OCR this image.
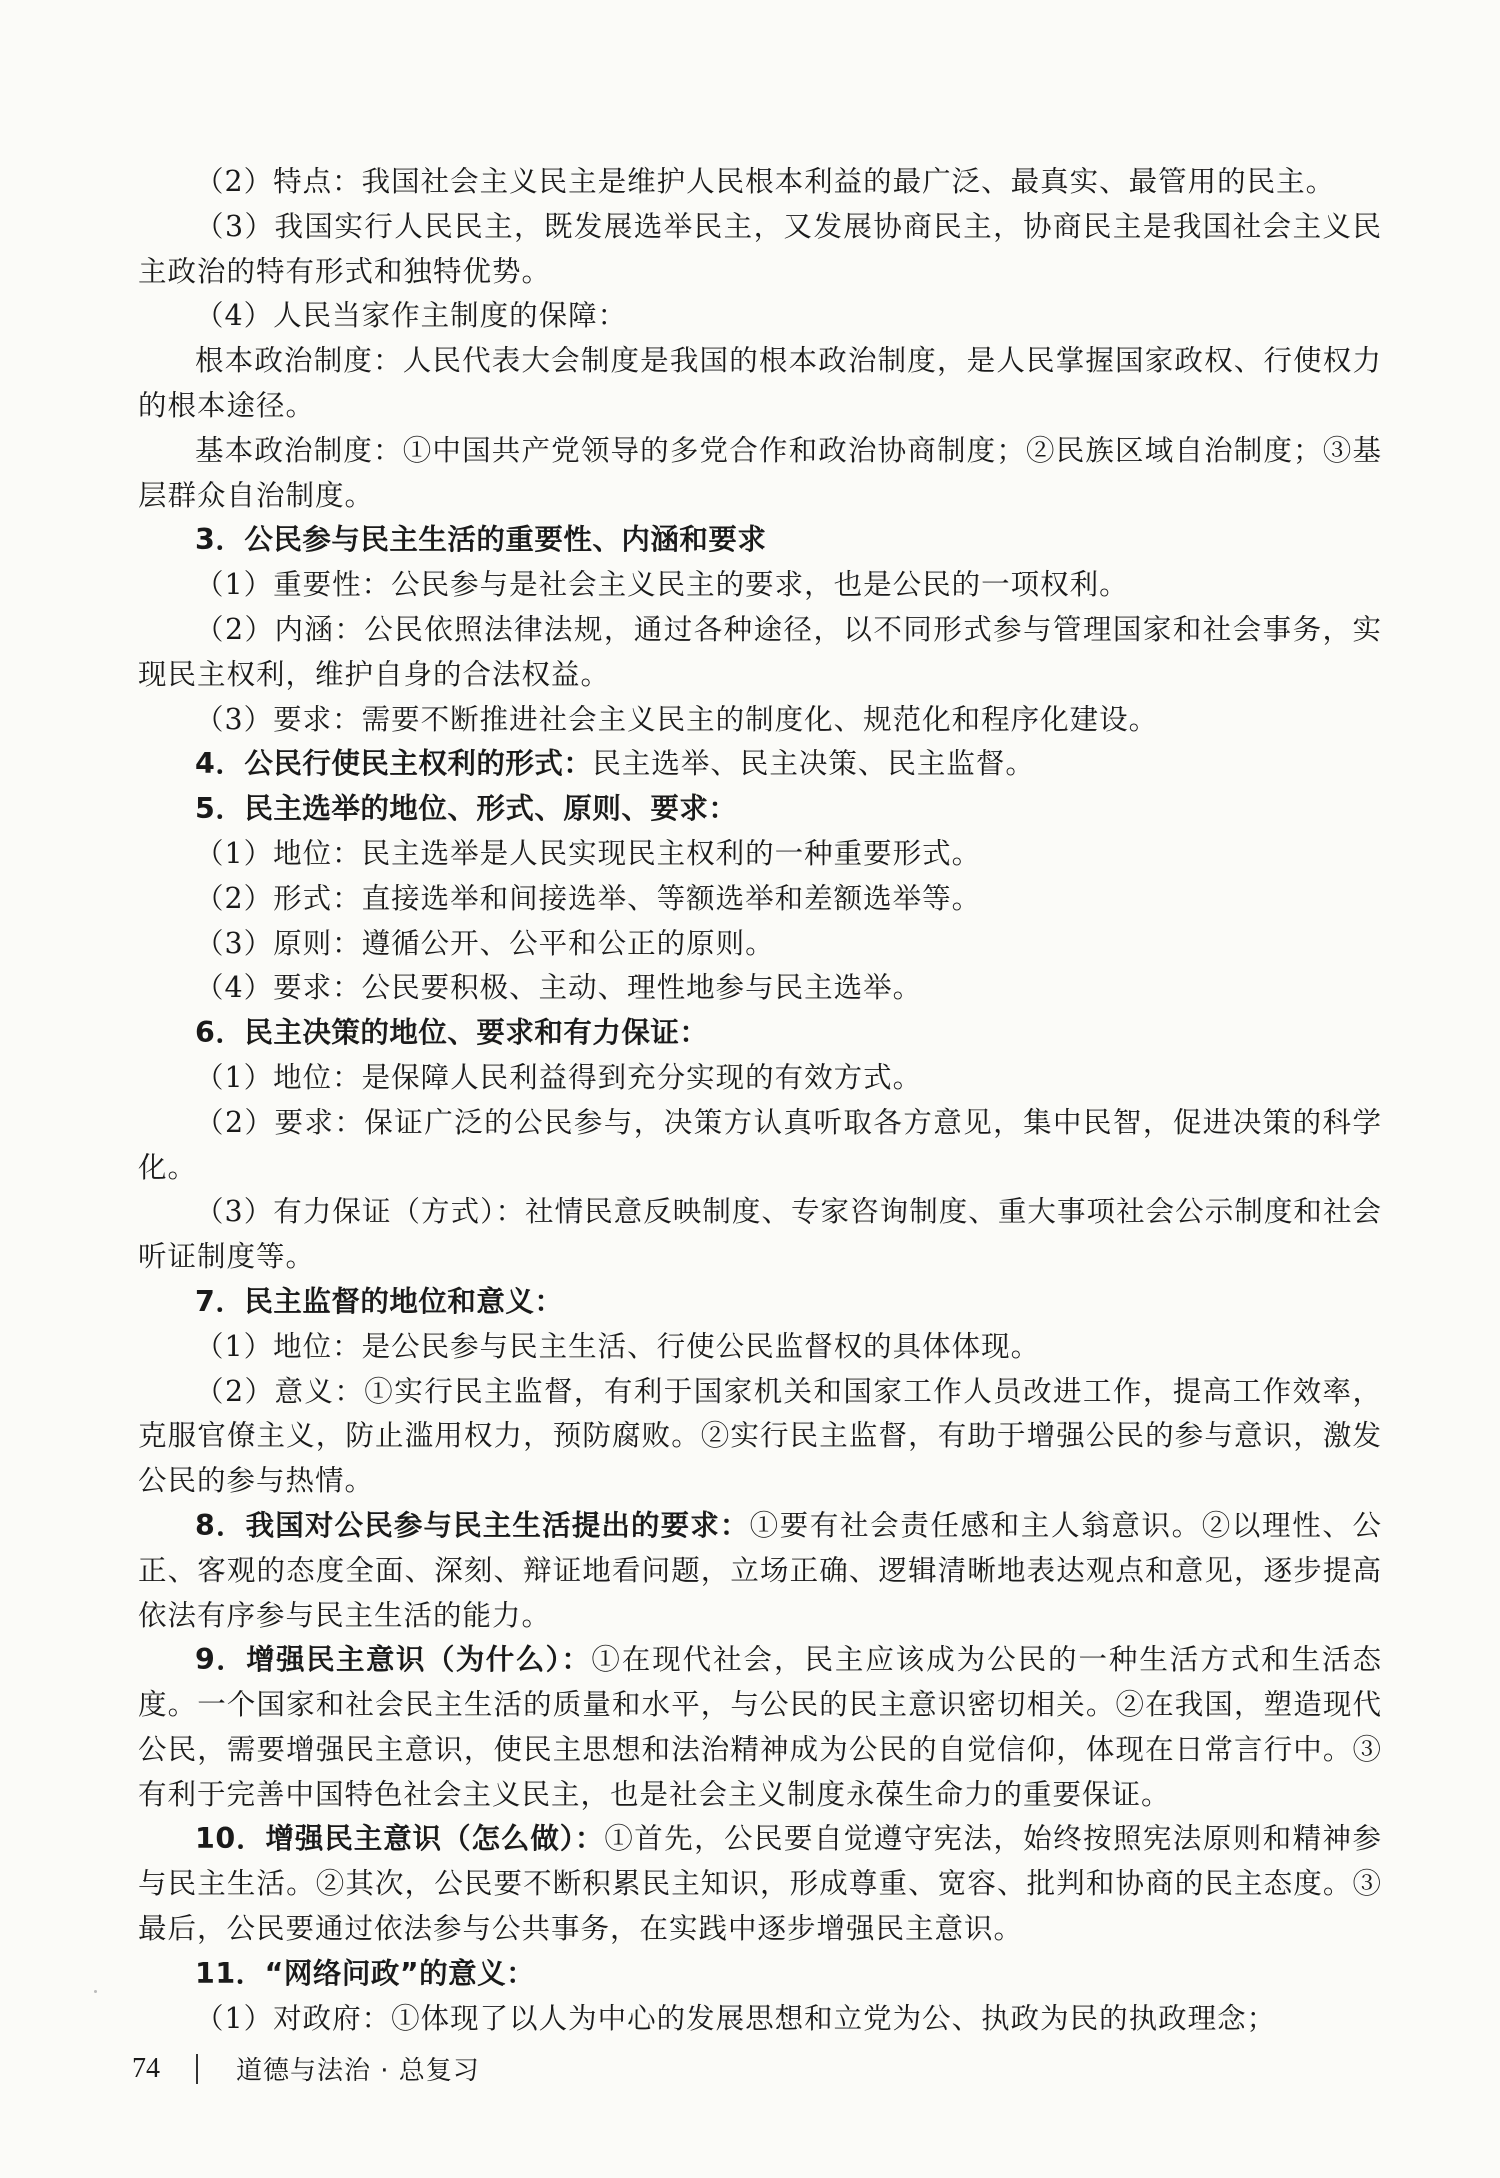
（2）特点：我国社会主义民主是维护人民根本利益的最广泛、最真实、最管用的民主。

（3）我国实行人民民主，既发展选举民主，又发展协商民主，协商民主是我国社会主义民主政治的特有形式和独特优势。

（4）人民当家作主制度的保障：

根本政治制度：人民代表大会制度是我国的根本政治制度，是人民掌握国家政权、行使权力的根本途径。

基本政治制度：①中国共产党领导的多党合作和政治协商制度；②民族区域自治制度；③基层群众自治制度。

3．公民参与民主生活的重要性、内涵和要求

（1）重要性：公民参与是社会主义民主的要求，也是公民的一项权利。

（2）内涵：公民依照法律法规，通过各种途径，以不同形式参与管理国家和社会事务，实现民主权利，维护自身的合法权益。

（3）要求：需要不断推进社会主义民主的制度化、规范化和程序化建设。

4．公民行使民主权利的形式：民主选举、民主决策、民主监督。

5．民主选举的地位、形式、原则、要求：

（1）地位：民主选举是人民实现民主权利的一种重要形式。

（2）形式：直接选举和间接选举、等额选举和差额选举等。

（3）原则：遵循公开、公平和公正的原则。

（4）要求：公民要积极、主动、理性地参与民主选举。

6．民主决策的地位、要求和有力保证：

（1）地位：是保障人民利益得到充分实现的有效方式。

（2）要求：保证广泛的公民参与，决策方认真听取各方意见，集中民智，促进决策的科学化。

（3）有力保证（方式）：社情民意反映制度、专家咨询制度、重大事项社会公示制度和社会听证制度等。

7．民主监督的地位和意义：

（1）地位：是公民参与民主生活、行使公民监督权的具体体现。

（2）意义：①实行民主监督，有利于国家机关和国家工作人员改进工作，提高工作效率，克服官僚主义，防止滥用权力，预防腐败。②实行民主监督，有助于增强公民的参与意识，激发公民的参与热情。

8．我国对公民参与民主生活提出的要求：①要有社会责任感和主人翁意识。②以理性、公正、客观的态度全面、深刻、辩证地看问题，立场正确、逻辑清晰地表达观点和意见，逐步提高依法有序参与民主生活的能力。

9．增强民主意识（为什么）：①在现代社会，民主应该成为公民的一种生活方式和生活态度。一个国家和社会民主生活的质量和水平，与公民的民主意识密切相关。②在我国，塑造现代公民，需要增强民主意识，使民主思想和法治精神成为公民的自觉信仰，体现在日常言行中。③有利于完善中国特色社会主义民主，也是社会主义制度永葆生命力的重要保证。

10．增强民主意识（怎么做）：①首先，公民要自觉遵守宪法，始终按照宪法原则和精神参与民主生活。②其次，公民要不断积累民主知识，形成尊重、宽容、批判和协商的民主态度。③最后，公民要通过依法参与公共事务，在实践中逐步增强民主意识。

11．“网络问政”的意义：

（1）对政府：①体现了以人为中心的发展思想和立党为公、执政为民的执政理念；

74	道德与法治 · 总复习
